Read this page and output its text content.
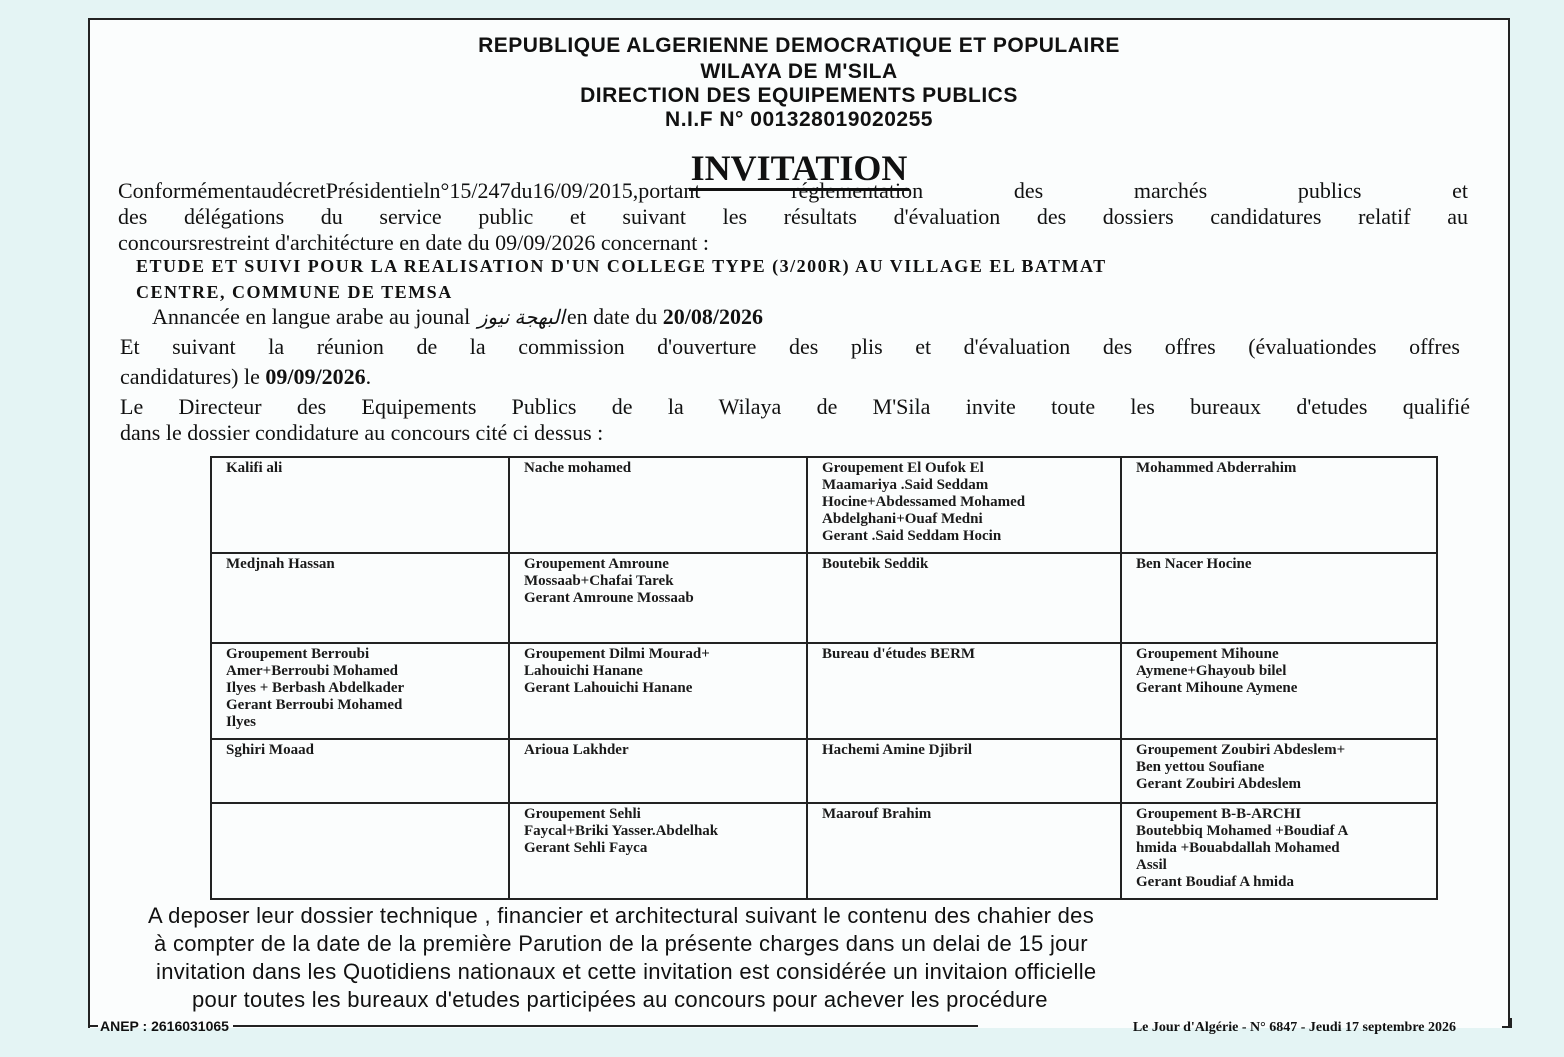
REPUBLIQUE ALGERIENNE DEMOCRATIQUE ET POPULAIRE
WILAYA DE M'SILA
DIRECTION DES EQUIPEMENTS PUBLICS
N.I.F N° 001328019020255
INVITATION
ConformémentaudécretPrésidentieln°15/247du16/09/2015,portant réglementation des marchés publics et
des délégations du service public et suivant les résultats d'évaluation des dossiers candidatures relatif au
concoursrestreint d'architécture en date du 09/09/2026 concernant :
ETUDE ET SUIVI POUR LA REALISATION D'UN COLLEGE TYPE (3/200R) AU VILLAGE EL BATMAT
CENTRE, COMMUNE DE TEMSA
Annancée en langue arabe au jounal البهجة نيوزen date du 20/08/2026
Et suivant la réunion de la commission d'ouverture des plis et d'évaluation des offres (évaluationdes offres
candidatures) le 09/09/2026.
Le Directeur des Equipements Publics de la Wilaya de M'Sila invite toute les bureaux d'etudes qualifié
dans le dossier condidature au concours cité ci dessus :
Kalifi ali	Nache mohamed	Groupement El Oufok El
Maamariya .Said Seddam
Hocine+Abdessamed Mohamed
Abdelghani+Ouaf Medni
Gerant .Said Seddam Hocin	Mohammed Abderrahim
Medjnah Hassan	Groupement Amroune
Mossaab+Chafai Tarek
Gerant Amroune Mossaab	Boutebik Seddik	Ben Nacer Hocine
Groupement Berroubi
Amer+Berroubi Mohamed
Ilyes + Berbash Abdelkader
Gerant Berroubi Mohamed
Ilyes	Groupement Dilmi Mourad+
Lahouichi Hanane
Gerant Lahouichi Hanane	Bureau d'études BERM	Groupement Mihoune
Aymene+Ghayoub bilel
Gerant Mihoune Aymene
Sghiri Moaad	Arioua Lakhder	Hachemi Amine Djibril	Groupement Zoubiri Abdeslem+
Ben yettou Soufiane
Gerant Zoubiri Abdeslem
	Groupement Sehli
Faycal+Briki Yasser.Abdelhak
Gerant Sehli Fayca	Maarouf Brahim	Groupement B-B-ARCHI
Boutebbiq Mohamed +Boudiaf A
hmida +Bouabdallah Mohamed
Assil
Gerant Boudiaf A hmida
A deposer leur dossier technique , financier et architectural suivant le contenu des chahier des
à compter de la date de la première Parution de la présente charges dans un delai de 15 jour
invitation dans les Quotidiens nationaux et cette invitation est considérée un invitaion officielle
pour toutes les bureaux d'etudes participées au concours pour achever les procédure
ANEP : 2616031065	Le Jour d'Algérie - N° 6847 - Jeudi 17 septembre 2026
